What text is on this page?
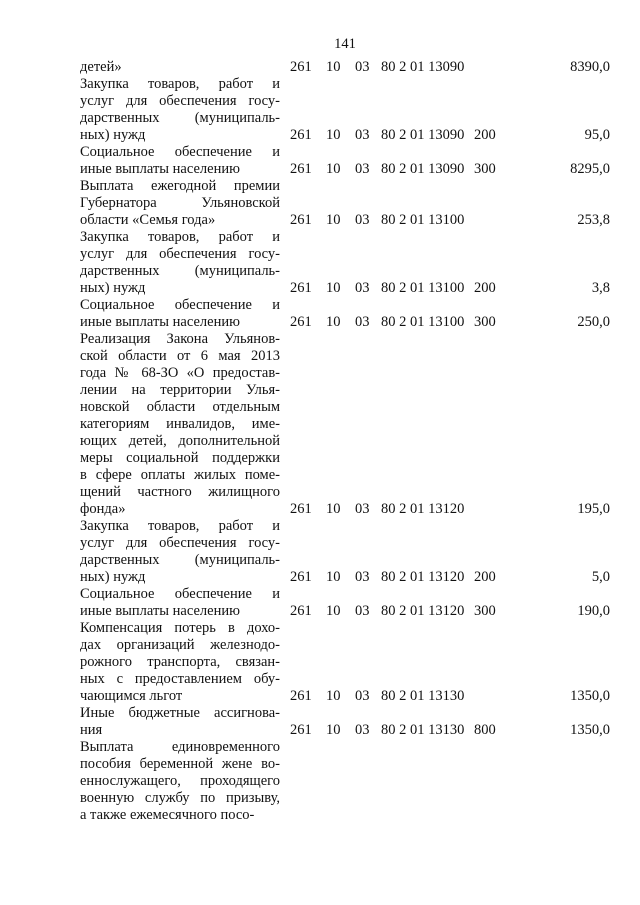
141
детей»	261 10 03 80 2 01 13090	8390,0
Закупка товаров, работ и
услуг для обеспечения госу-
дарственных (муниципаль-
ных) нужд	261 10 03 80 2 01 13090 200	95,0
Социальное обеспечение и
иные выплаты населению	261 10 03 80 2 01 13090 300	8295,0
Выплата ежегодной премии
Губернатора Ульяновской
области «Семья года»	261 10 03 80 2 01 13100	253,8
Закупка товаров, работ и
услуг для обеспечения госу-
дарственных (муниципаль-
ных) нужд	261 10 03 80 2 01 13100 200	3,8
Социальное обеспечение и
иные выплаты населению	261 10 03 80 2 01 13100 300	250,0
Реализация Закона Ульянов-
ской области от 6 мая 2013
года № 68-ЗО «О предостав-
лении на территории Улья-
новской области отдельным
категориям инвалидов, име-
ющих детей, дополнительной
меры социальной поддержки
в сфере оплаты жилых поме-
щений частного жилищного
фонда»	261 10 03 80 2 01 13120	195,0
Закупка товаров, работ и
услуг для обеспечения госу-
дарственных (муниципаль-
ных) нужд	261 10 03 80 2 01 13120 200	5,0
Социальное обеспечение и
иные выплаты населению	261 10 03 80 2 01 13120 300	190,0
Компенсация потерь в дохо-
дах организаций железнодо-
рожного транспорта, связан-
ных с предоставлением обу-
чающимся льгот	261 10 03 80 2 01 13130	1350,0
Иные бюджетные ассигнова-
ния	261 10 03 80 2 01 13130 800	1350,0
Выплата единовременного
пособия беременной жене во-
еннослужащего, проходящего
военную службу по призыву,
а также ежемесячного посо-
